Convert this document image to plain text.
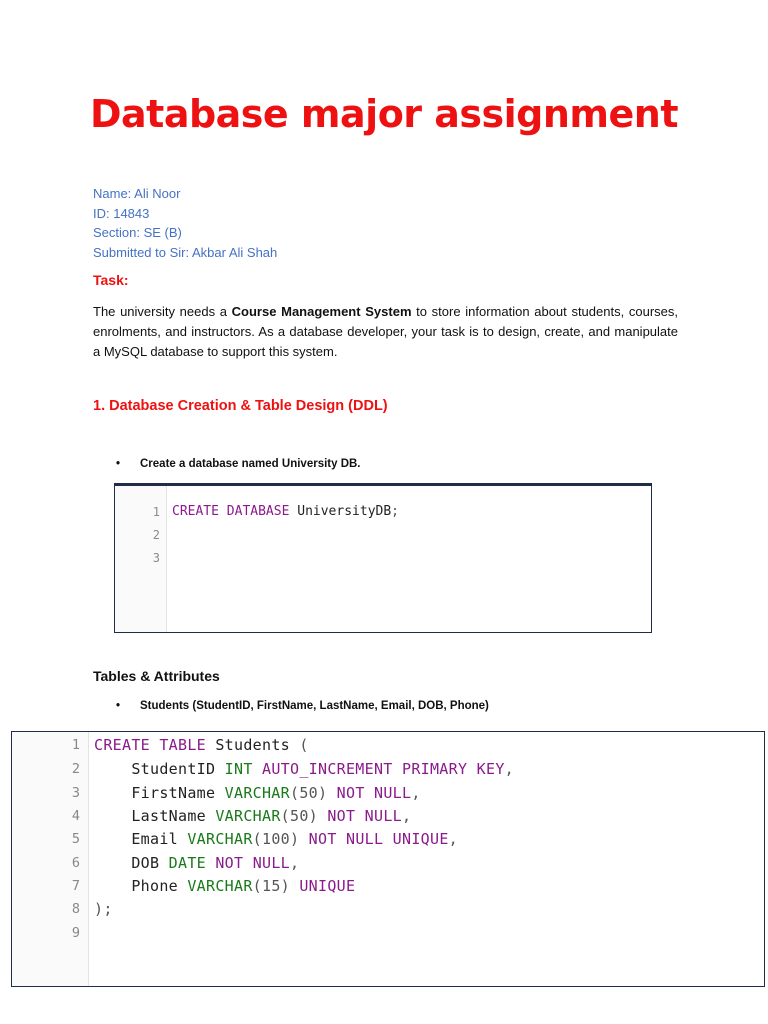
Database major assignment
Name: Ali Noor
ID: 14843
Section: SE (B)
Submitted to Sir: Akbar Ali Shah
Task:
The university needs a Course Management System to store information about students, courses, enrolments, and instructors. As a database developer, your task is to design, create, and manipulate a MySQL database to support this system.
1. Database Creation & Table Design (DDL)
• Create a database named University DB.
1
2
3
CREATE DATABASE UniversityDB;
Tables & Attributes
• Students (StudentID, FirstName, LastName, Email, DOB, Phone)
1
2
3
4
5
6
7
8
9
CREATE TABLE Students (
StudentID INT AUTO_INCREMENT PRIMARY KEY,
FirstName VARCHAR(50) NOT NULL,
LastName VARCHAR(50) NOT NULL,
Email VARCHAR(100) NOT NULL UNIQUE,
DOB DATE NOT NULL,
Phone VARCHAR(15) UNIQUE
);
